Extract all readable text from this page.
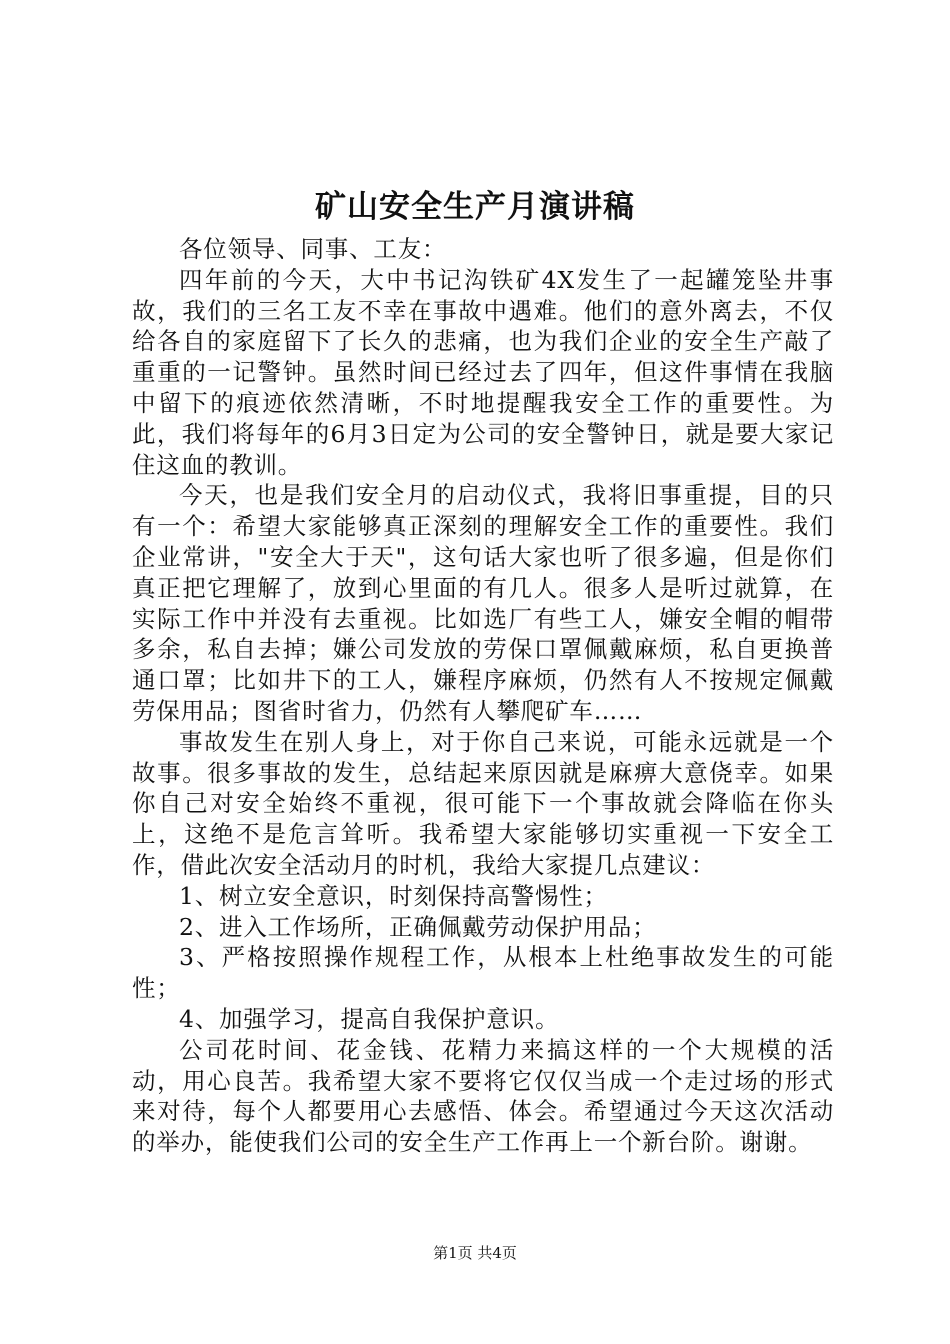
矿山安全生产月演讲稿

各位领导、同事、工友：

四年前的今天，大中书记沟铁矿4X发生了一起罐笼坠井事故，我们的三名工友不幸在事故中遇难。他们的意外离去，不仅给各自的家庭留下了长久的悲痛，也为我们企业的安全生产敲了重重的一记警钟。虽然时间已经过去了四年，但这件事情在我脑中留下的痕迹依然清晰，不时地提醒我安全工作的重要性。为此，我们将每年的6月3日定为公司的安全警钟日，就是要大家记住这血的教训。

今天，也是我们安全月的启动仪式，我将旧事重提，目的只有一个：希望大家能够真正深刻的理解安全工作的重要性。我们企业常讲，"安全大于天"，这句话大家也听了很多遍，但是你们真正把它理解了，放到心里面的有几人。很多人是听过就算，在实际工作中并没有去重视。比如选厂有些工人，嫌安全帽的帽带多余，私自去掉；嫌公司发放的劳保口罩佩戴麻烦，私自更换普通口罩；比如井下的工人，嫌程序麻烦，仍然有人不按规定佩戴劳保用品；图省时省力，仍然有人攀爬矿车……

事故发生在别人身上，对于你自己来说，可能永远就是一个故事。很多事故的发生，总结起来原因就是麻痹大意侥幸。如果你自己对安全始终不重视，很可能下一个事故就会降临在你头上，这绝不是危言耸听。我希望大家能够切实重视一下安全工作，借此次安全活动月的时机，我给大家提几点建议：

1、树立安全意识，时刻保持高警惕性；

2、进入工作场所，正确佩戴劳动保护用品；

3、严格按照操作规程工作，从根本上杜绝事故发生的可能性；

4、加强学习，提高自我保护意识。

公司花时间、花金钱、花精力来搞这样的一个大规模的活动，用心良苦。我希望大家不要将它仅仅当成一个走过场的形式来对待，每个人都要用心去感悟、体会。希望通过今天这次活动的举办，能使我们公司的安全生产工作再上一个新台阶。谢谢。

第1页 共4页
